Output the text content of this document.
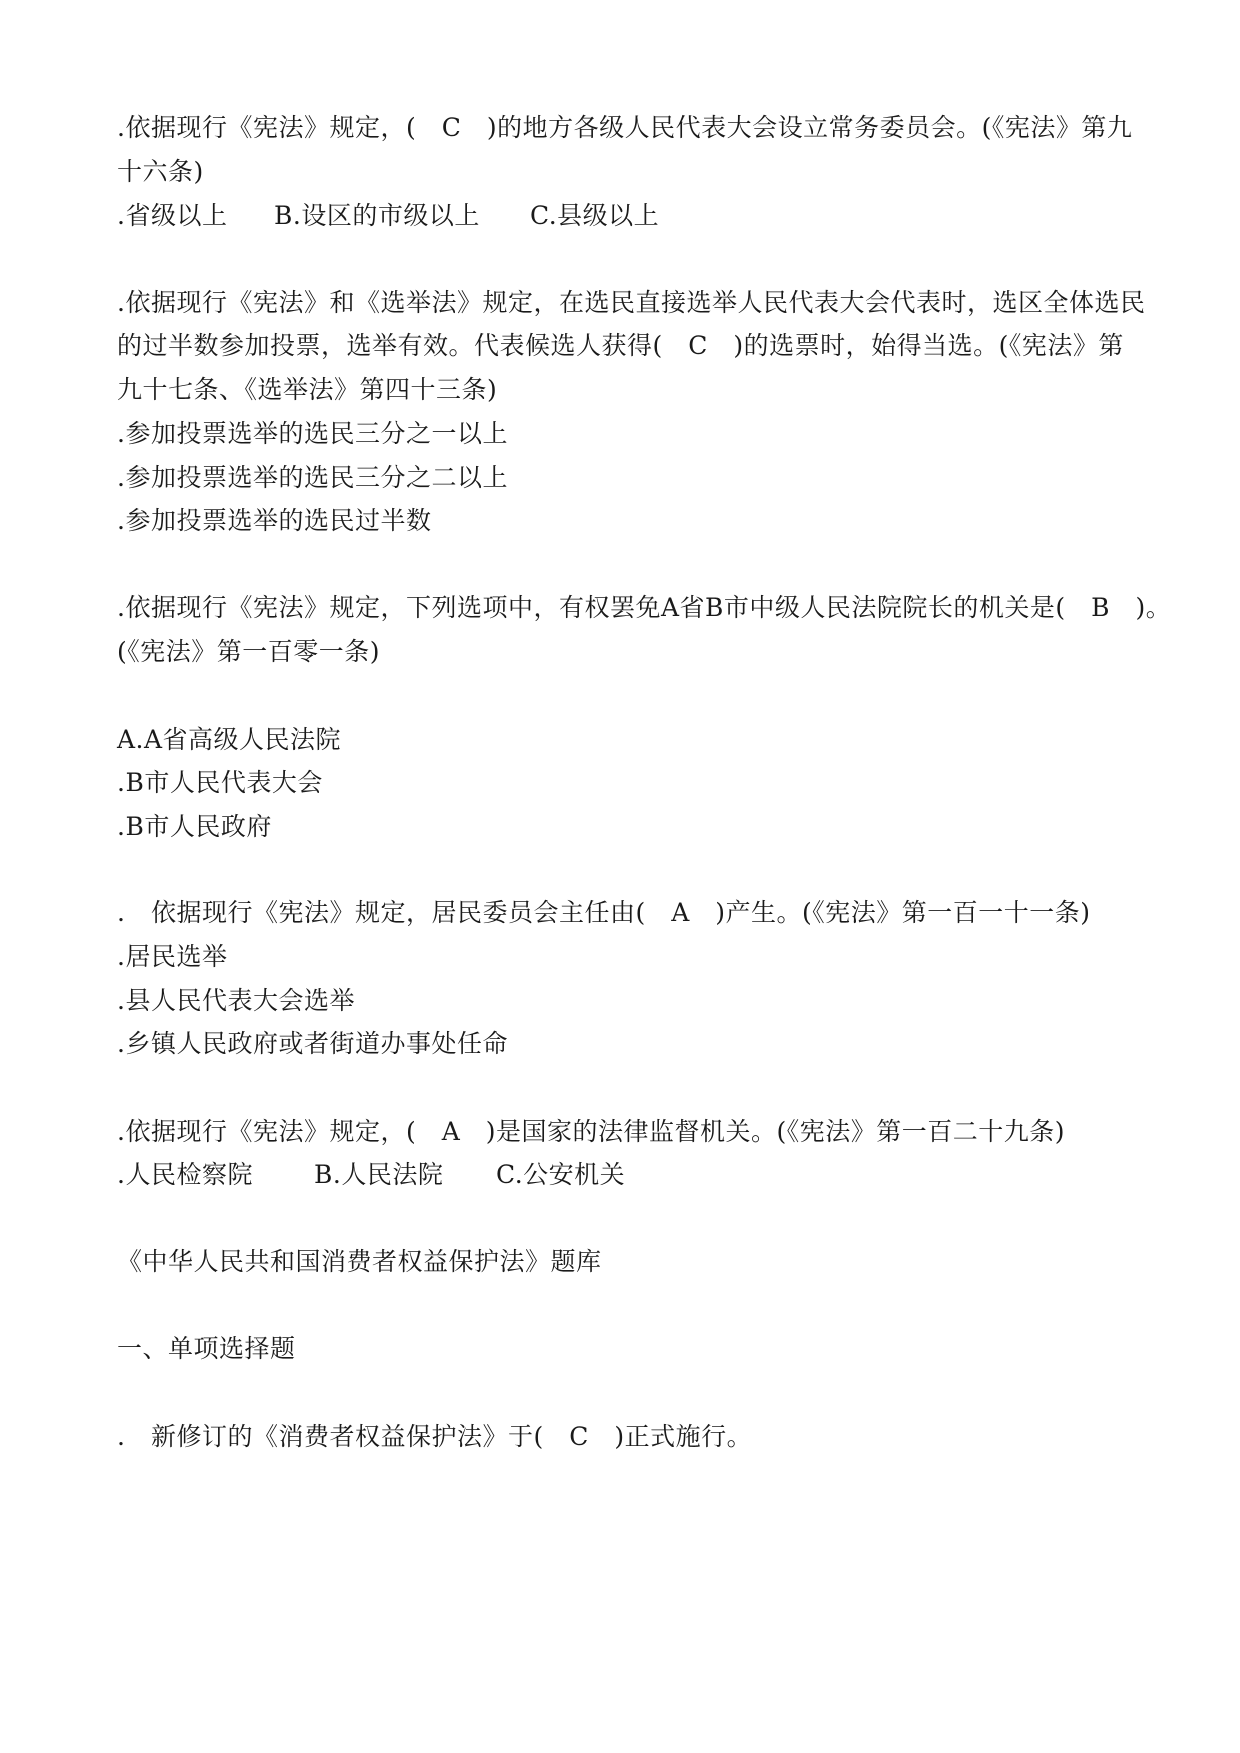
.依据现行《宪法》规定，(　C　)的地方各级人民代表大会设立常务委员会。(《宪法》第九
十六条)
.省级以上	B.设区的市级以上	C.县级以上
.依据现行《宪法》和《选举法》规定，在选民直接选举人民代表大会代表时，选区全体选民
的过半数参加投票，选举有效。代表候选人获得(　C　)的选票时，始得当选。(《宪法》第
九十七条、《选举法》第四十三条)
.参加投票选举的选民三分之一以上
.参加投票选举的选民三分之二以上
.参加投票选举的选民过半数
.依据现行《宪法》规定，下列选项中，有权罢免A省B市中级人民法院院长的机关是(　B　)。
(《宪法》第一百零一条)
A.A省高级人民法院
.B市人民代表大会
.B市人民政府
.　依据现行《宪法》规定，居民委员会主任由(　A　)产生。(《宪法》第一百一十一条)
.居民选举
.县人民代表大会选举
.乡镇人民政府或者街道办事处任命
.依据现行《宪法》规定，(　A　)是国家的法律监督机关。(《宪法》第一百二十九条)
.人民检察院	B.人民法院	C.公安机关
《中华人民共和国消费者权益保护法》题库
一、单项选择题
.　新修订的《消费者权益保护法》于(　C　)正式施行。
